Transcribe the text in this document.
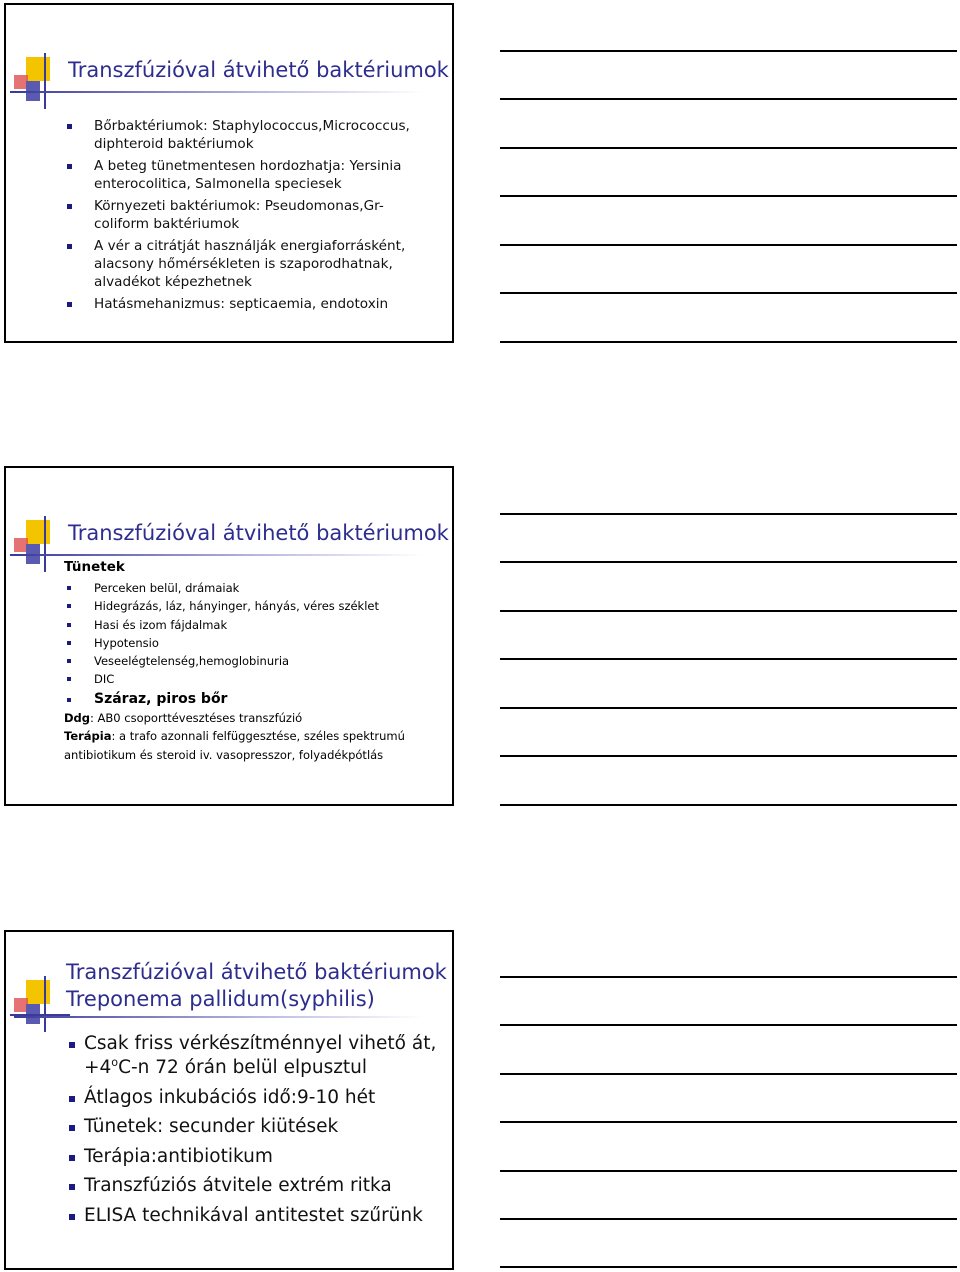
Transzfúzióval átvihető baktériumok
Bőrbaktériumok: Staphylococcus,Micrococcus, diphteroid baktériumok
A beteg tünetmentesen hordozhatja: Yersinia enterocolitica, Salmonella speciesek
Környezeti baktériumok: Pseudomonas,Gr- coliform baktériumok
A vér a citrátját használják energiaforrásként, alacsony hőmérsékleten is szaporodhatnak, alvadékot képezhetnek
Hatásmehanizmus: septicaemia, endotoxin
Transzfúzióval átvihető baktériumok
Tünetek
Perceken belül, drámaiak
Hidegrázás, láz, hányinger, hányás, véres széklet
Hasi és izom fájdalmak
Hypotensio
Veseelégtelenség,hemoglobinuria
DIC
Száraz, piros bőr
Ddg: AB0 csoporttévesztéses transzfúzió
Terápia: a trafo azonnali felfüggesztése, széles spektrumú antibiotikum és steroid iv. vasopresszor, folyadékpótlás
Transzfúzióval átvihető baktériumok
Treponema pallidum(syphilis)
Csak friss vérkészítménnyel vihető át, $+4^oC-n$ 72 órán belül elpusztul
Átlagos inkubációs idő:9-10 hét
Tünetek: secunder kiütések
Terápia:antibiotikum
Transzfúziós átvitele extrém ritka
ELISA technikával antitestet szűrünk
